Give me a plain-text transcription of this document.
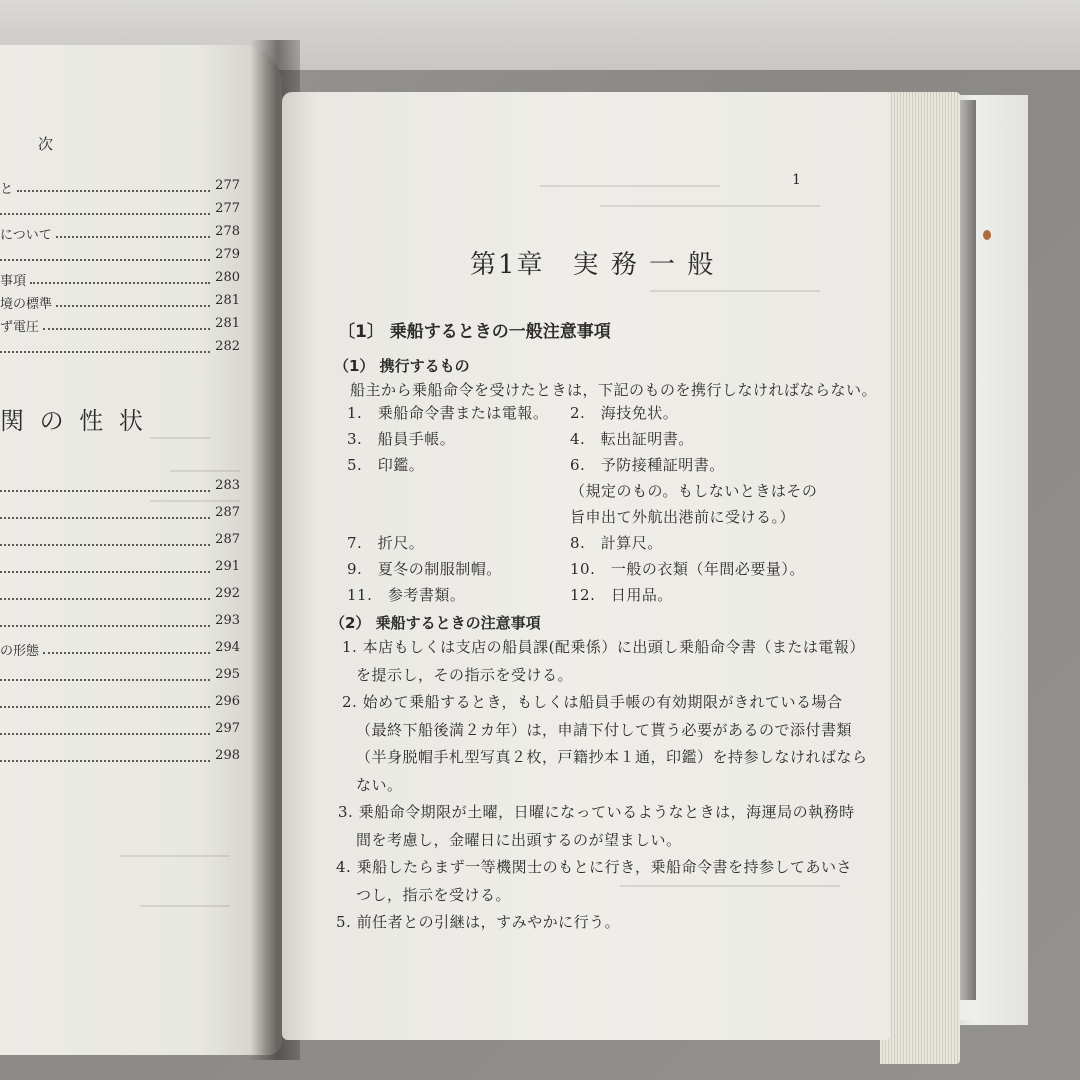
次
と	277
277
について	278
279
事項	280
境の標準	281
ず電圧	281
282
関 の 性 状
283
287
287
291
292
293
の形態	294
295
296
297
298
1
第1章　実 務 一 般
〔1〕 乗船するときの一般注意事項
（1） 携行するもの
船主から乗船命令を受けたときは，下記のものを携行しなければならない。
1.　乗船命令書または電報。 2.　海技免状。
3.　船員手帳。	4.　転出証明書。
5.　印鑑。	6.　予防接種証明書。
（規定のもの。もしないときはその
旨申出て外航出港前に受ける。）
7.　折尺。	8.　計算尺。
9.　夏冬の制服制帽。	10.　一般の衣類（年間必要量）。
11.　参考書類。	12.　日用品。
（2） 乗船するときの注意事項
1. 本店もしくは支店の船員課(配乗係）に出頭し乗船命令書（または電報）
を提示し，その指示を受ける。
2. 始めて乗船するとき，もしくは船員手帳の有効期限がきれている場合
（最終下船後満２カ年）は，申請下付して貰う必要があるので添付書類
（半身脱帽手札型写真２枚，戸籍抄本１通，印鑑）を持参しなければなら
ない。
3. 乗船命令期限が土曜，日曜になっているようなときは，海運局の執務時
間を考慮し，金曜日に出頭するのが望ましい。
4. 乗船したらまず一等機関士のもとに行き，乗船命令書を持参してあいさ
つし，指示を受ける。
5. 前任者との引継は，すみやかに行う。
